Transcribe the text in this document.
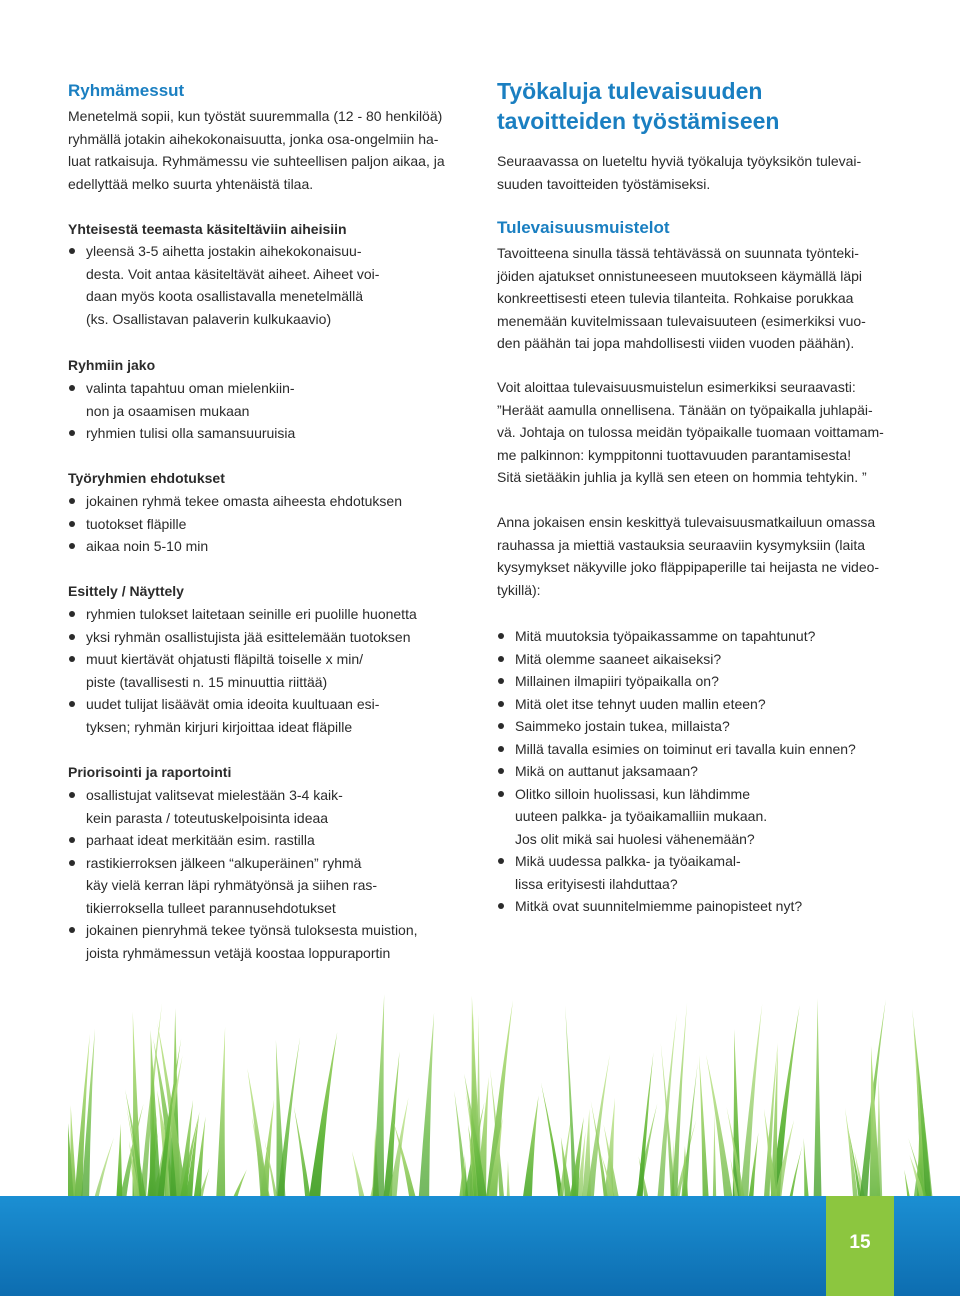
Ryhmämessut
Menetelmä sopii, kun työstät suuremmalla (12 - 80 henkilöä)
ryhmällä jotakin aihekokonaisuutta, jonka osa-ongelmiin ha-
luat ratkaisuja. Ryhmämessu vie suhteellisen paljon aikaa, ja
edellyttää melko suurta yhtenäistä tilaa.
Yhteisestä teemasta käsiteltäviin aiheisiin
yleensä 3-5 aihetta jostakin aihekokonaisuu-
desta. Voit antaa käsiteltävät aiheet. Aiheet voi-
daan myös koota osallistavalla menetelmällä
(ks. Osallistavan palaverin kulkukaavio)
Ryhmiin jako
valinta tapahtuu oman mielenkiin-
non ja osaamisen mukaan
ryhmien tulisi olla samansuuruisia
Työryhmien ehdotukset
jokainen ryhmä tekee omasta aiheesta ehdotuksen
tuotokset fläpille
aikaa noin 5-10 min
Esittely / Näyttely
ryhmien tulokset laitetaan seinille eri puolille huonetta
yksi ryhmän osallistujista jää esittelemään tuotoksen
muut kiertävät ohjatusti fläpiltä toiselle x min/
piste (tavallisesti n. 15 minuuttia riittää)
uudet tulijat lisäävät omia ideoita kuultuaan esi-
tyksen; ryhmän kirjuri kirjoittaa ideat fläpille
Priorisointi ja raportointi
osallistujat valitsevat mielestään 3-4 kaik-
kein parasta / toteutuskelpoisinta ideaa
parhaat ideat merkitään esim. rastilla
rastikierroksen jälkeen “alkuperäinen” ryhmä
käy vielä kerran läpi ryhmätyönsä ja siihen ras-
tikierroksella tulleet parannusehdotukset
jokainen pienryhmä tekee työnsä tuloksesta muistion,
joista ryhmämessun vetäjä koostaa loppuraportin
Työkaluja tulevaisuuden
tavoitteiden työstämiseen
Seuraavassa on lueteltu hyviä työkaluja työyksikön tulevai-
suuden tavoitteiden työstämiseksi.
Tulevaisuusmuistelot
Tavoitteena sinulla tässä tehtävässä on suunnata työnteki-
jöiden ajatukset onnistuneeseen muutokseen käymällä läpi
konkreettisesti eteen tulevia tilanteita. Rohkaise porukkaa
menemään kuvitelmissaan tulevaisuuteen (esimerkiksi vuo-
den päähän tai jopa mahdollisesti viiden vuoden päähän).
Voit aloittaa tulevaisuusmuistelun esimerkiksi seuraavasti:
”Heräät aamulla onnellisena. Tänään on työpaikalla juhlapäi-
vä. Johtaja on tulossa meidän työpaikalle tuomaan voittamam-
me palkinnon: kymppitonni tuottavuuden parantamisesta!
Sitä sietääkin juhlia ja kyllä sen eteen on hommia tehtykin. ”
Anna jokaisen ensin keskittyä tulevaisuusmatkailuun omassa
rauhassa ja miettiä vastauksia seuraaviin kysymyksiin (laita
kysymykset näkyville joko fläppipaperille tai heijasta ne video-
tykillä):
Mitä muutoksia työpaikassamme on tapahtunut?
Mitä olemme saaneet aikaiseksi?
Millainen ilmapiiri työpaikalla on?
Mitä olet itse tehnyt uuden mallin eteen?
Saimmeko jostain tukea, millaista?
Millä tavalla esimies on toiminut eri tavalla kuin ennen?
Mikä on auttanut jaksamaan?
Olitko silloin huolissasi, kun lähdimme
uuteen palkka- ja työaikamalliin mukaan.
Jos olit mikä sai huolesi vähenemään?
Mikä uudessa palkka- ja työaikamal-
lissa erityisesti ilahduttaa?
Mitkä ovat suunnitelmiemme painopisteet nyt?
15
